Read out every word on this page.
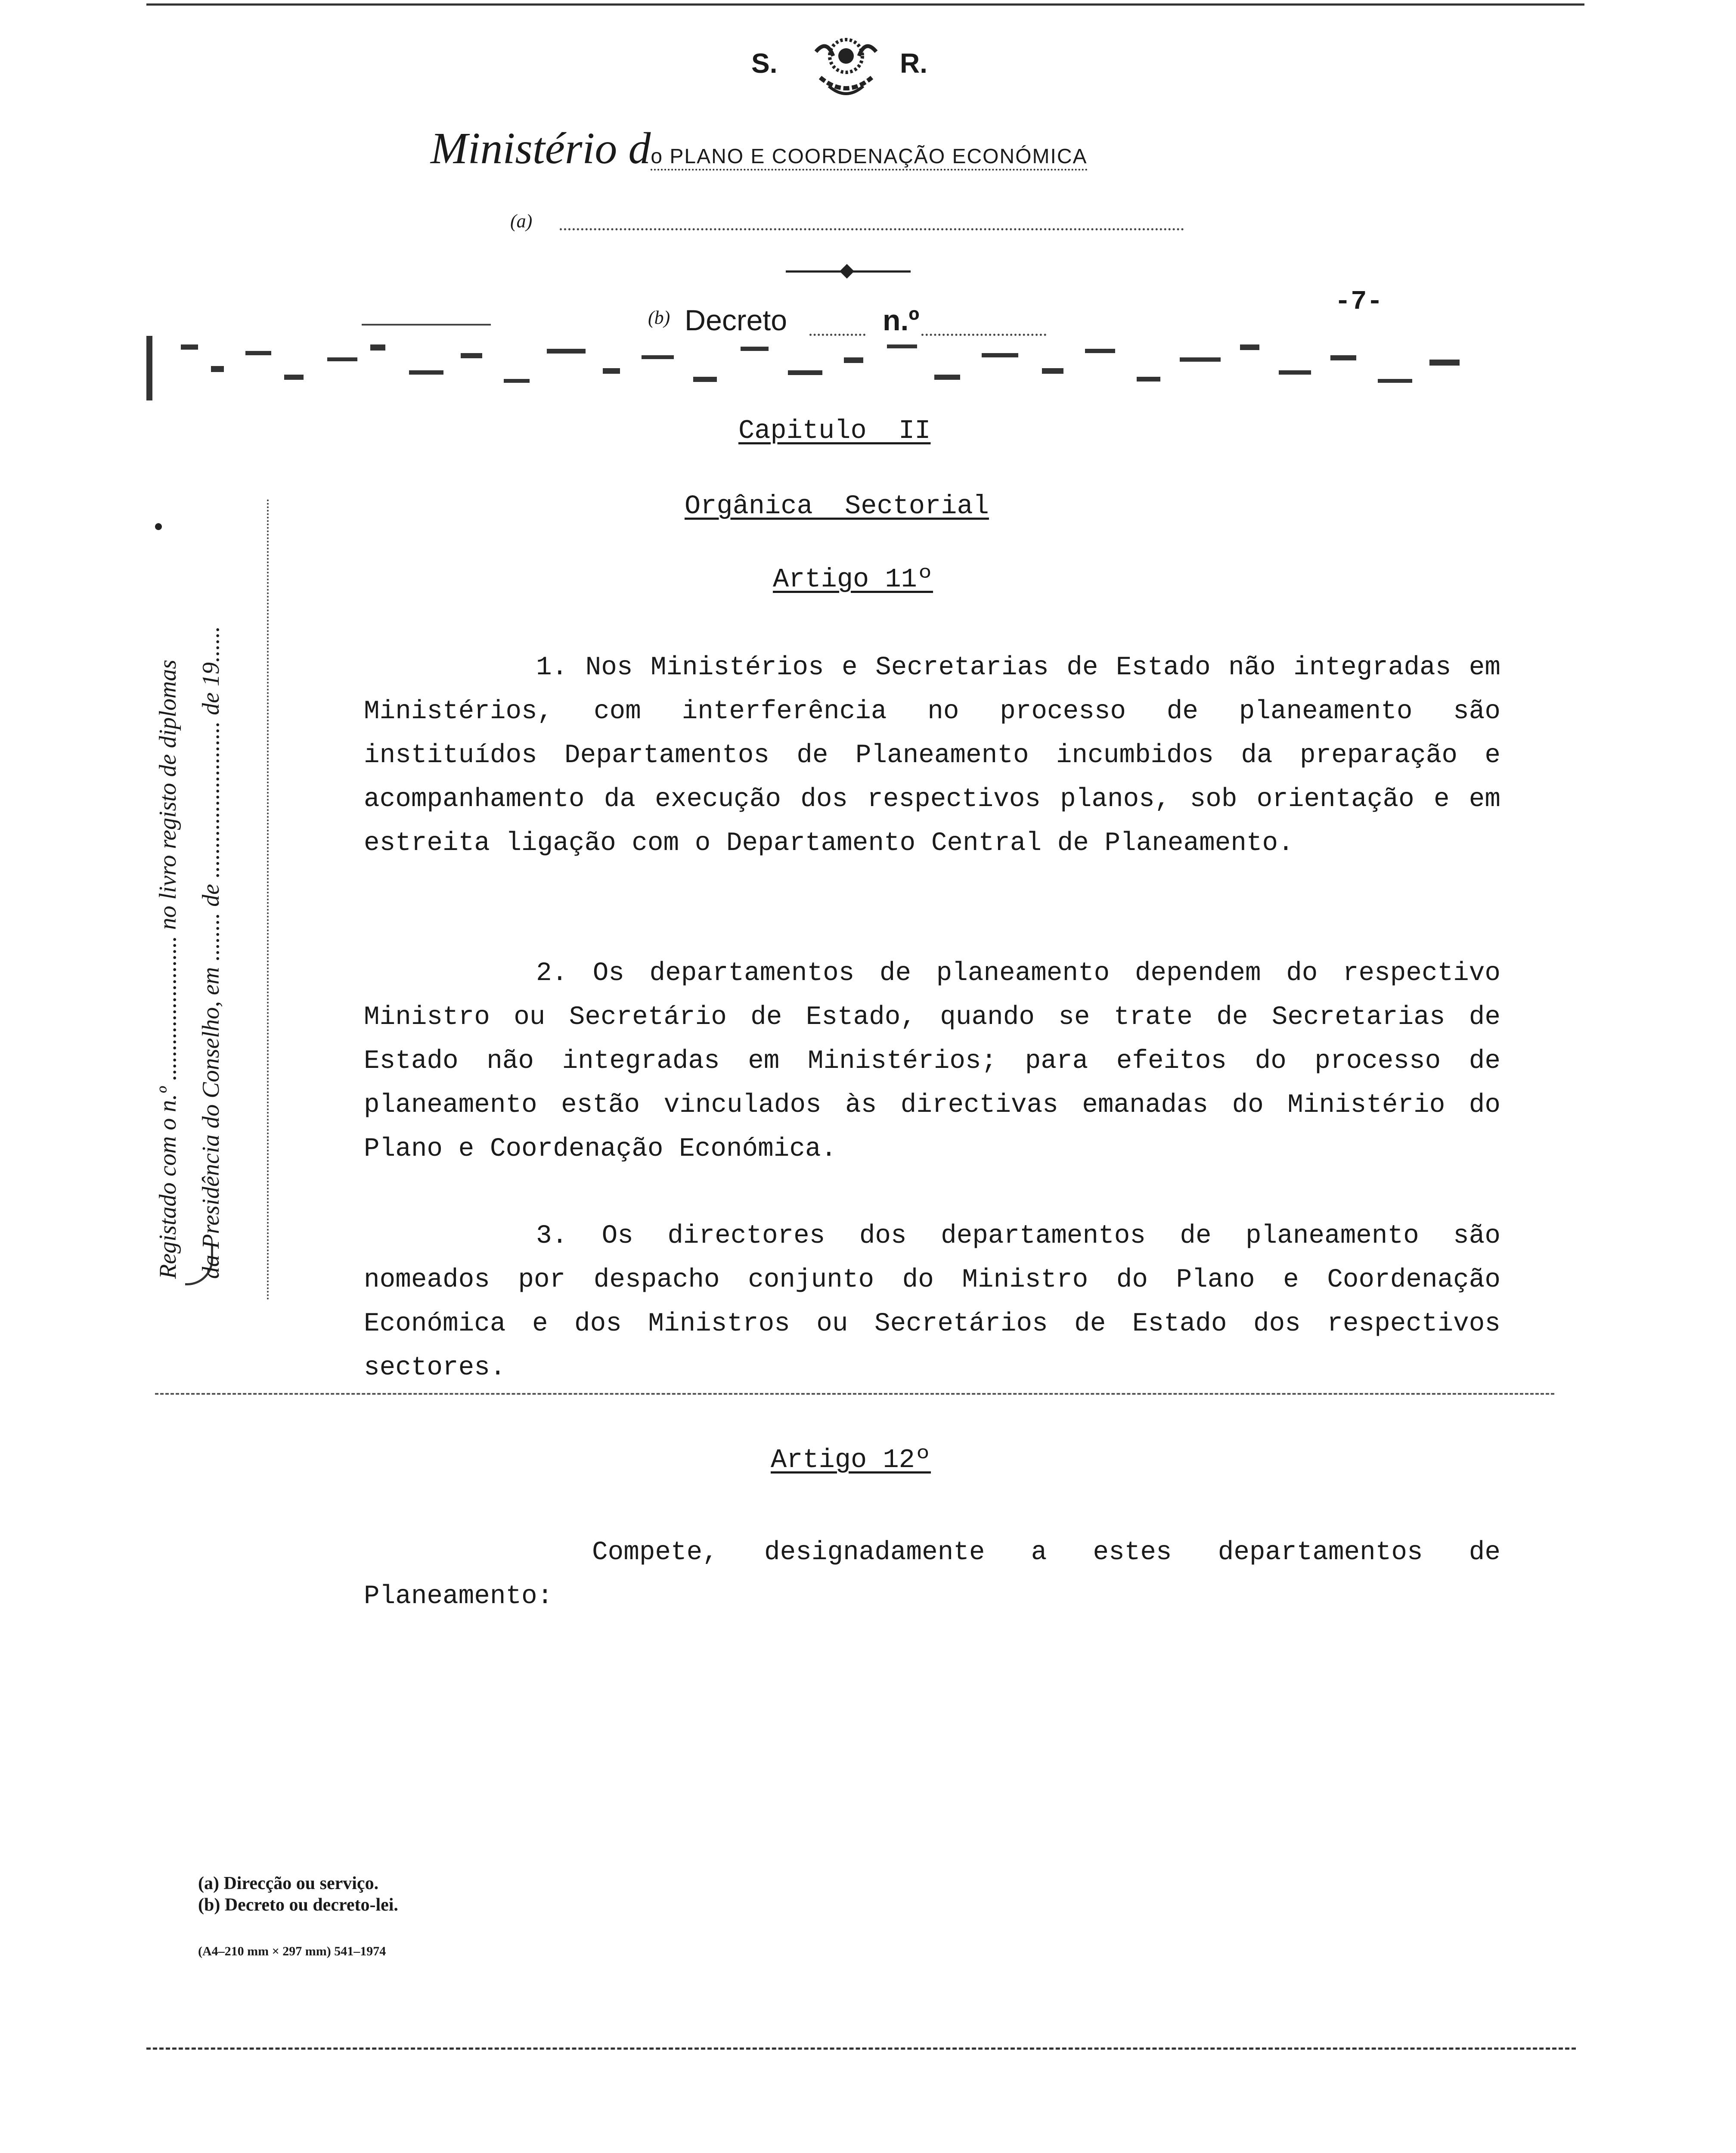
S.	R.
Ministério do PLANO E COORDENAÇÃO ECONÓMICA
(a)
(b) Decreto	n.º
-7-
Registado com o n.º ........................ no livro registo de diplomas da Presidência do Conselho, em ........ de .......................... de 19......
Capitulo  II
Orgânica  Sectorial
Artigo 11º
1. Nos Ministérios e Secretarias de Estado não integradas em Ministérios, com interferência no processo de planeamento são instituídos Departamentos de Planeamento incumbidos da preparação e acompanhamento da execução dos respectivos planos, sob orientação e em estreita ligação com o Departamento Central de Planeamento.
2. Os departamentos de planeamento dependem do respectivo Ministro ou Secretário de Estado, quando se trate de Secretarias de Estado não integradas em Ministérios; para efeitos do processo de planeamento estão vinculados às directivas emanadas do Ministério do Plano e Coordenação Económica.
3. Os directores dos departamentos de planeamento são nomeados por despacho conjunto do Ministro do Plano e Coordenação Económica e dos Ministros ou Secretários de Estado dos respectivos sectores.
Artigo 12º
Compete, designadamente a estes departamentos de Planeamento:
(a) Direcção ou serviço.
(b) Decreto ou decreto-lei.
(A4–210 mm × 297 mm) 541–1974
